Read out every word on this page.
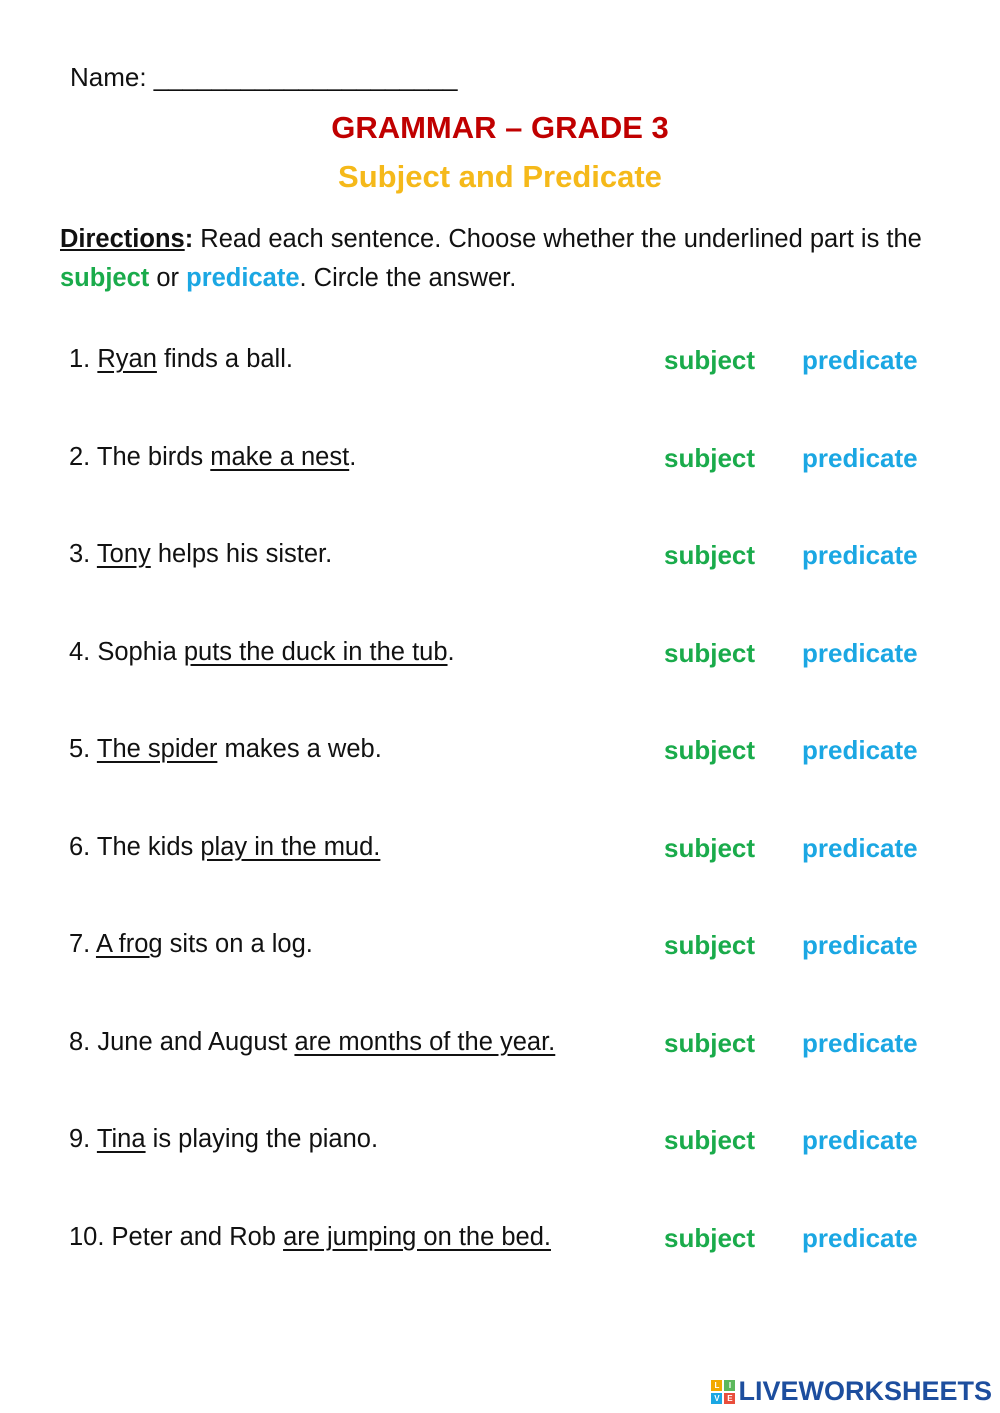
Name: _____________________
GRAMMAR – GRADE 3
Subject and Predicate
Directions: Read each sentence. Choose whether the underlined part is the subject or predicate. Circle the answer.
1. Ryan finds a ball.	subject predicate
2. The birds make a nest.	subject predicate
3. Tony helps his sister.	subject predicate
4. Sophia puts the duck in the tub.	subject predicate
5. The spider makes a web.	subject predicate
6. The kids play in the mud.	subject predicate
7. A frog sits on a log.	subject predicate
8. June and August are months of the year.	subject predicate
9. Tina is playing the piano.	subject predicate
10. Peter and Rob are jumping on the bed.	subject predicate
L	I
V E LIVEWORKSHEETS
